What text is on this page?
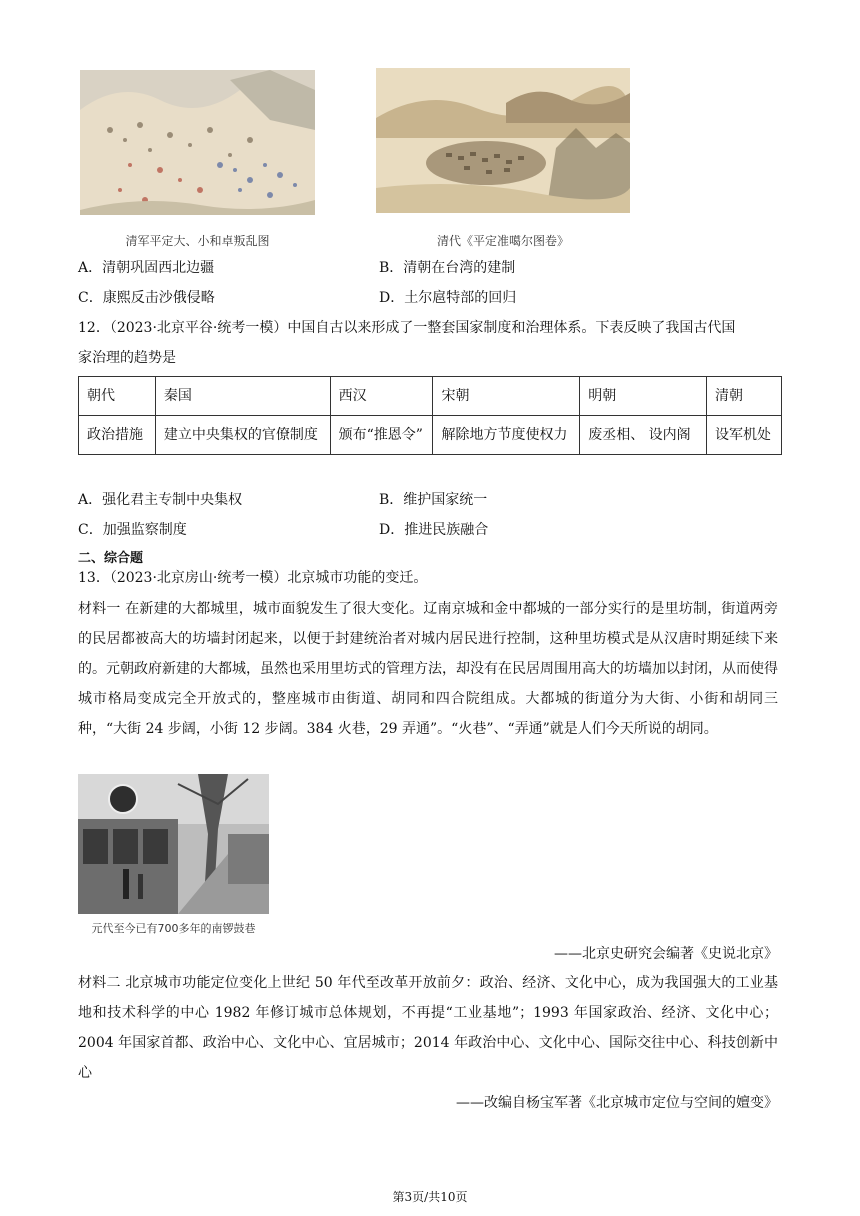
清军平定大、小和卓叛乱图	清代《平定准噶尔图卷》
A．清朝巩固西北边疆	B．清朝在台湾的建制
C．康熙反击沙俄侵略	D．土尔扈特部的回归
12．（2023·北京平谷·统考一模）中国自古以来形成了一整套国家制度和治理体系。下表反映了我国古代国
家治理的趋势是
朝代	秦国	西汉	宋朝	明朝	清朝
政治措施	建立中央集权的官僚制度	颁布“推恩令”	解除地方节度使权力	废丞相、 设内阁	设军机处
A．强化君主专制中央集权	B．维护国家统一
C．加强监察制度	D．推进民族融合
二、综合题
13．（2023·北京房山·统考一模）北京城市功能的变迁。
材料一 在新建的大都城里，城市面貌发生了很大变化。辽南京城和金中都城的一部分实行的是里坊制，街道两旁的民居都被高大的坊墙封闭起来，以便于封建统治者对城内居民进行控制，这种里坊模式是从汉唐时期延续下来的。元朝政府新建的大都城，虽然也采用里坊式的管理方法，却没有在民居周围用高大的坊墙加以封闭，从而使得城市格局变成完全开放式的，整座城市由街道、胡同和四合院组成。大都城的街道分为大街、小街和胡同三种，“大街 24 步阔，小街 12 步阔。384 火巷，29 弄通”。“火巷”、“弄通”就是人们今天所说的胡同。
元代至今已有700多年的南锣鼓巷
——北京史研究会编著《史说北京》
材料二 北京城市功能定位变化上世纪 50 年代至改革开放前夕：政治、经济、文化中心，成为我国强大的工业基地和技术科学的中心 1982 年修订城市总体规划，不再提“工业基地”；1993 年国家政治、经济、文化中心；2004 年国家首都、政治中心、文化中心、宜居城市；2014 年政治中心、文化中心、国际交往中心、科技创新中心
——改编自杨宝军著《北京城市定位与空间的嬗变》
第3页/共10页
